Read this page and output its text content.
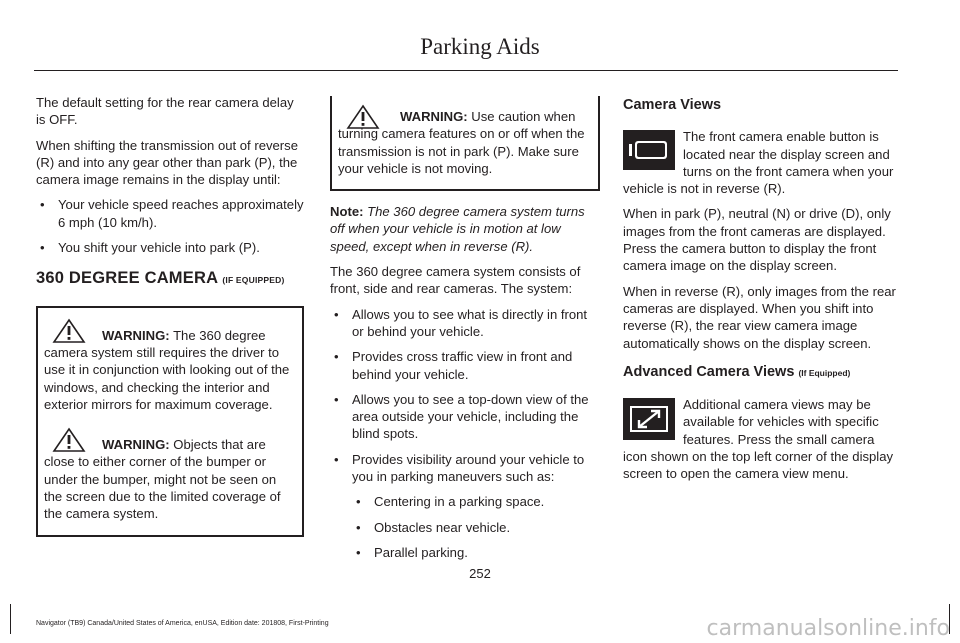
Parking Aids

The default setting for the rear camera delay is OFF.

When shifting the transmission out of reverse (R) and into any gear other than park (P), the camera image remains in the display until:

• Your vehicle speed reaches approximately 6 mph (10 km/h).
• You shift your vehicle into park (P).
360 DEGREE CAMERA (IF EQUIPPED)
WARNING: The 360 degree camera system still requires the driver to use it in conjunction with looking out of the windows, and checking the interior and exterior mirrors for maximum coverage.
WARNING: Objects that are close to either corner of the bumper or under the bumper, might not be seen on the screen due to the limited coverage of the camera system.
WARNING: Use caution when turning camera features on or off when the transmission is not in park (P). Make sure your vehicle is not moving.

Note: The 360 degree camera system turns off when your vehicle is in motion at low speed, except when in reverse (R).

The 360 degree camera system consists of front, side and rear cameras. The system:

• Allows you to see what is directly in front or behind your vehicle.
• Provides cross traffic view in front and behind your vehicle.
• Allows you to see a top-down view of the area outside your vehicle, including the blind spots.
• Provides visibility around your vehicle to you in parking maneuvers such as:
• Centering in a parking space.
• Obstacles near vehicle.
• Parallel parking.
Camera Views
The front camera enable button is located near the display screen and turns on the front camera when your vehicle is not in reverse (R).

When in park (P), neutral (N) or drive (D), only images from the front cameras are displayed. Press the camera button to display the front camera image on the display screen.

When in reverse (R), only images from the rear cameras are displayed. When you shift into reverse (R), the rear view camera image automatically shows on the display screen.

Advanced Camera Views (If Equipped)
Additional camera views may be available for vehicles with specific features. Press the small camera icon shown on the top left corner of the display screen to open the camera view menu.
252
Navigator (TB9) Canada/United States of America, enUSA, Edition date: 201808, First-Printing	carmanualsonline.info
